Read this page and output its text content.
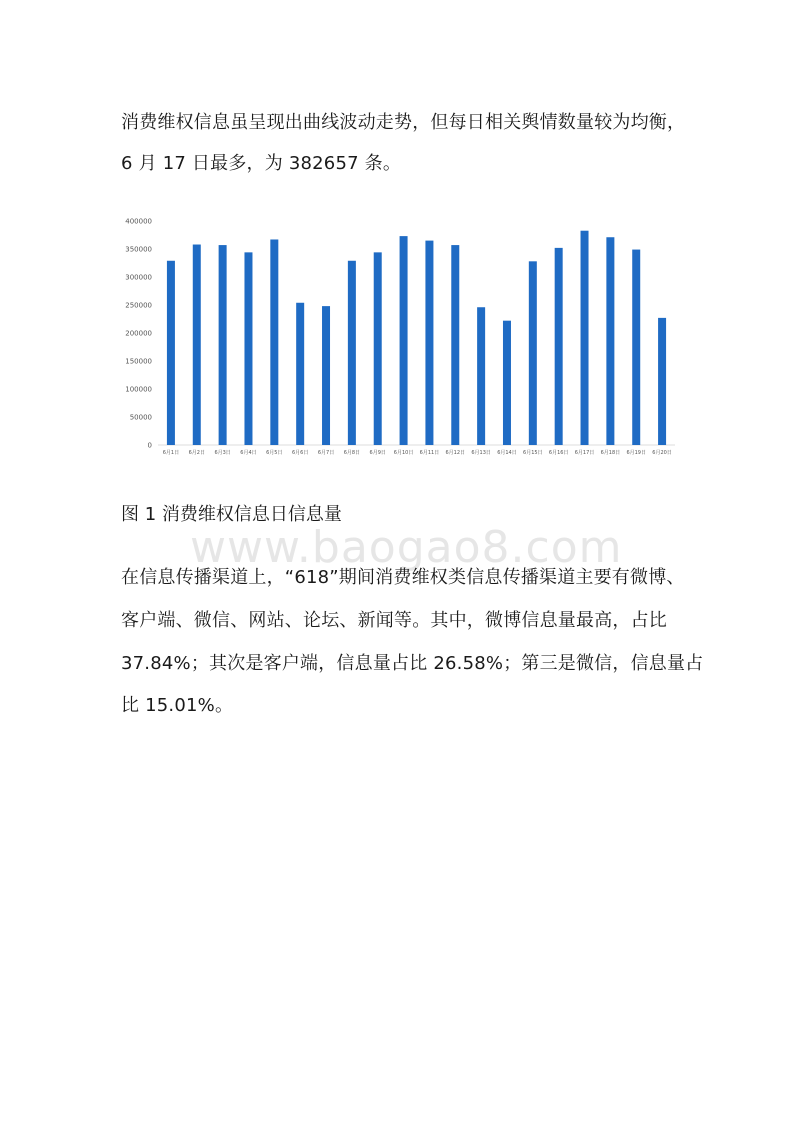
消费维权信息虽呈现出曲线波动走势，但每日相关舆情数量较为均衡，
6 月 17 日最多，为 382657 条。
0
50000
100000
150000
200000
250000
300000
350000
400000
6月1日 6月2日 6月3日 6月4日 6月5日 6月6日 6月7日 6月8日 6月9日 6月10日 6月11日 6月12日 6月13日 6月14日 6月15日 6月16日 6月17日 6月18日 6月19日 6月20日
图 1 消费维权信息日信息量
www.baogao8.com
在信息传播渠道上，“618”期间消费维权类信息传播渠道主要有微博、
客户端、微信、网站、论坛、新闻等。其中，微博信息量最高，占比
37.84%；其次是客户端，信息量占比 26.58%；第三是微信，信息量占
比 15.01%。
